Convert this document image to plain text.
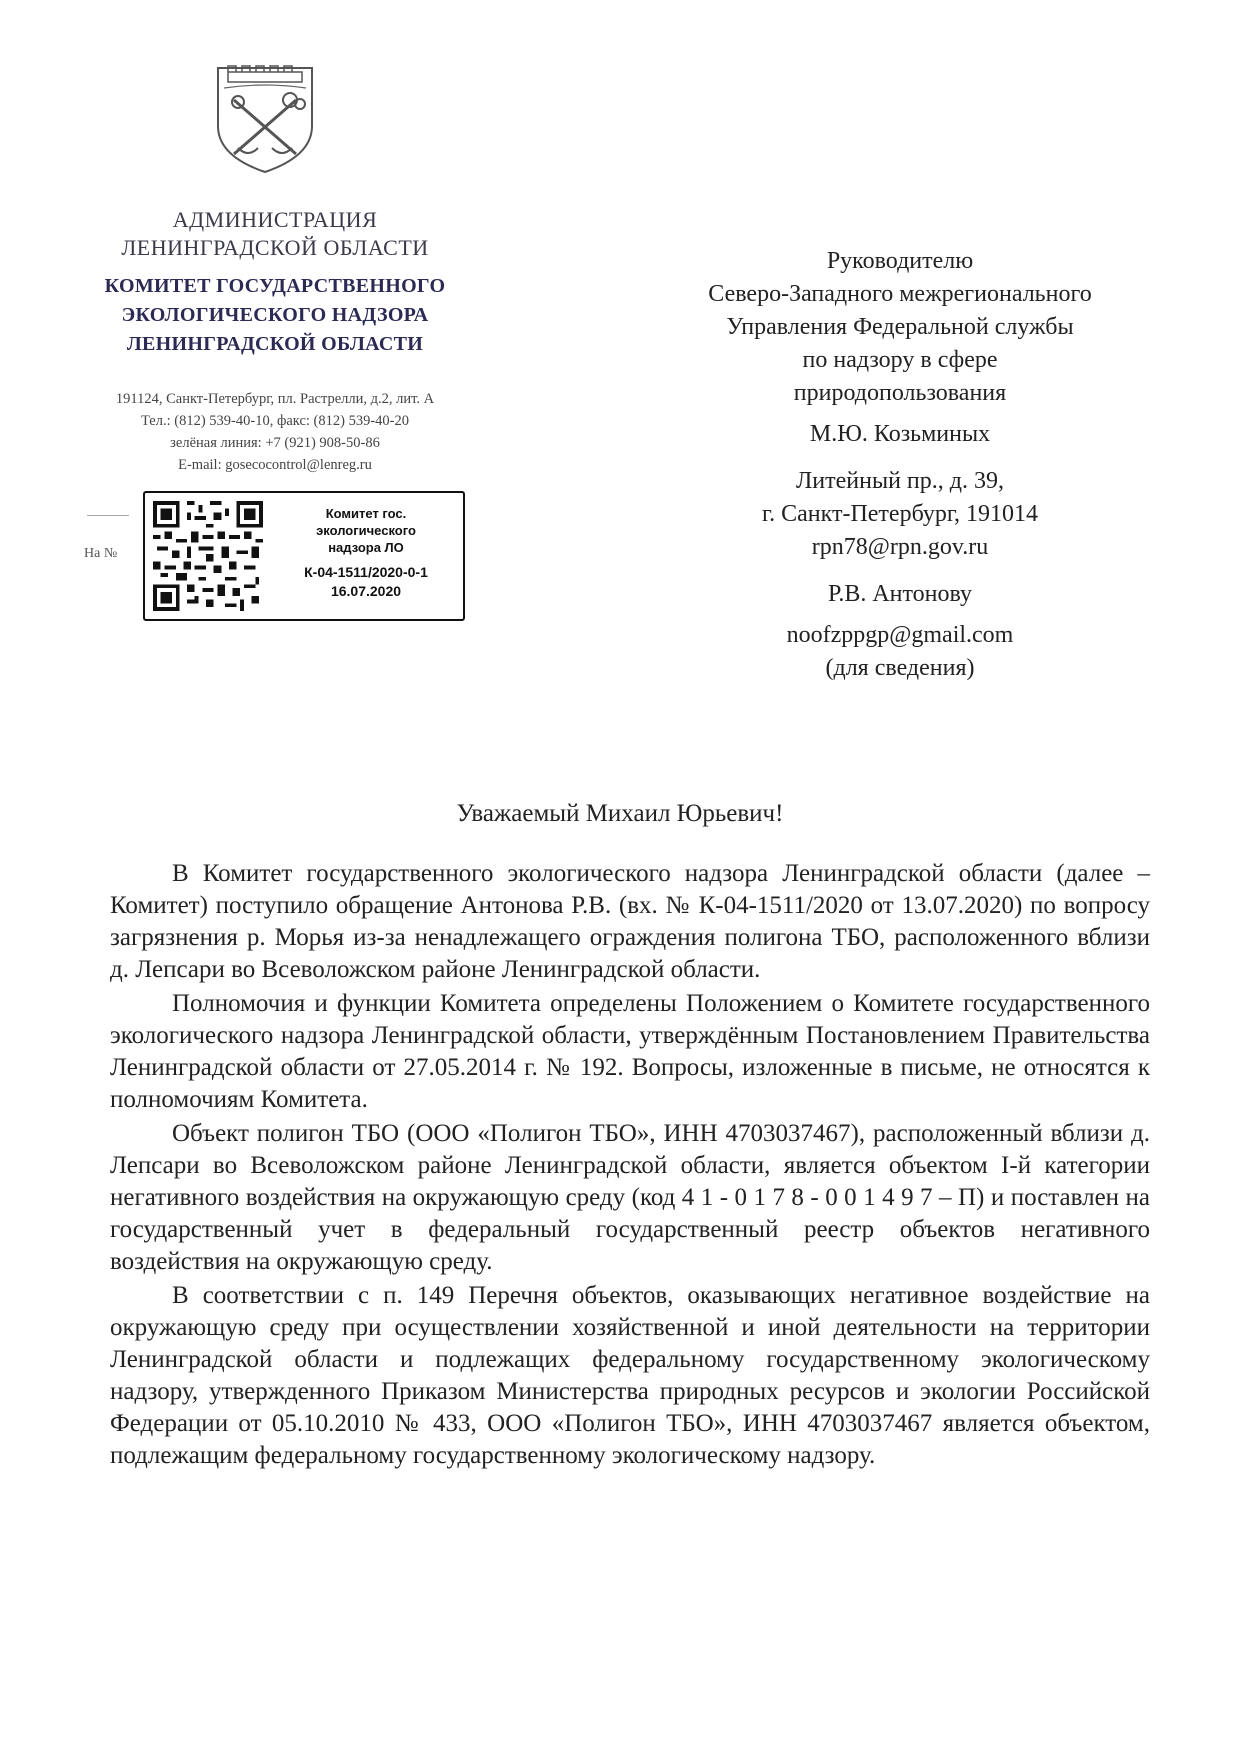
АДМИНИСТРАЦИЯ
ЛЕНИНГРАДСКОЙ ОБЛАСТИ
КОМИТЕТ ГОСУДАРСТВЕННОГО
ЭКОЛОГИЧЕСКОГО НАДЗОРА
ЛЕНИНГРАДСКОЙ ОБЛАСТИ
191124, Санкт-Петербург, пл. Растрелли, д.2, лит. А
Тел.: (812) 539-40-10, факс: (812) 539-40-20
зелёная линия: +7 (921) 908-50-86
E-mail: gosecocontrol@lenreg.ru
На №
Комитет гос.
экологического
надзора ЛО
К-04-1511/2020-0-1
16.07.2020
Руководителю
Северо-Западного межрегионального
Управления Федеральной службы
по надзору в сфере
природопользования
М.Ю. Козьминых
Литейный пр., д. 39,
г. Санкт-Петербург, 191014
rpn78@rpn.gov.ru
Р.В. Антонову
noofzppgp@gmail.com
(для сведения)
Уважаемый Михаил Юрьевич!

В Комитет государственного экологического надзора Ленинградской области (далее – Комитет) поступило обращение Антонова Р.В. (вх. № К-04-1511/2020 от 13.07.2020) по вопросу загрязнения р. Морья из-за ненадлежащего ограждения полигона ТБО, расположенного вблизи д. Лепсари во Всеволожском районе Ленинградской области.

Полномочия и функции Комитета определены Положением о Комитете государственного экологического надзора Ленинградской области, утверждённым Постановлением Правительства Ленинградской области от 27.05.2014 г. № 192. Вопросы, изложенные в письме, не относятся к полномочиям Комитета.

Объект полигон ТБО (ООО «Полигон ТБО», ИНН 4703037467), расположенный вблизи д. Лепсари во Всеволожском районе Ленинградской области, является объектом I-й категории негативного воздействия на окружающую среду (код 4 1 - 0 1 7 8 - 0 0 1 4 9 7 – П) и поставлен на государственный учет в федеральный государственный реестр объектов негативного воздействия на окружающую среду.

В соответствии с п. 149 Перечня объектов, оказывающих негативное воздействие на окружающую среду при осуществлении хозяйственной и иной деятельности на территории Ленинградской области и подлежащих федеральному государственному экологическому надзору, утвержденного Приказом Министерства природных ресурсов и экологии Российской Федерации от 05.10.2010 № 433, ООО «Полигон ТБО», ИНН 4703037467 является объектом, подлежащим федеральному государственному экологическому надзору.
